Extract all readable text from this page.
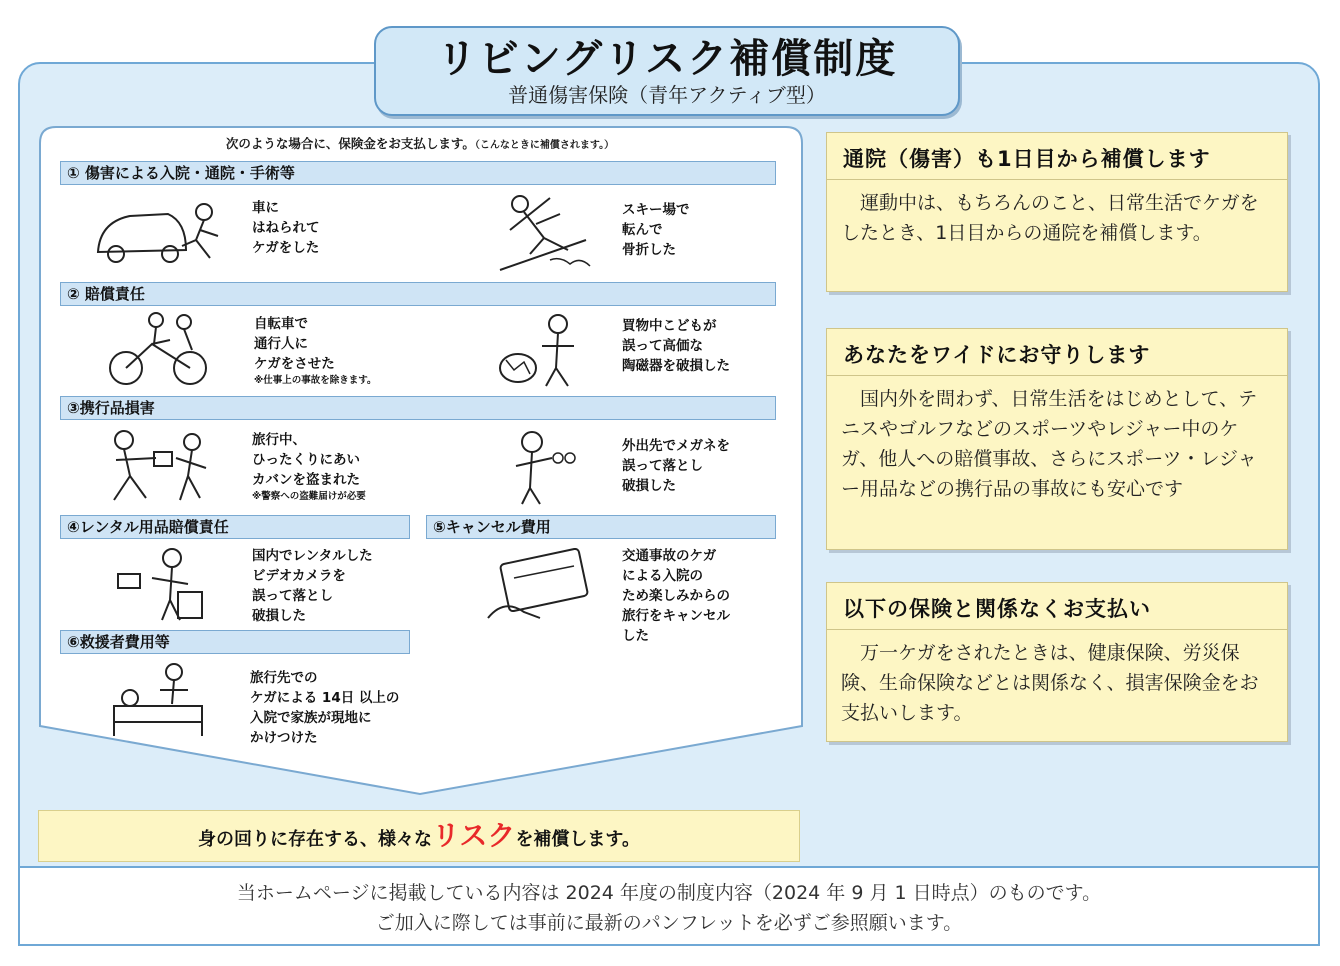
リビングリスク補償制度
普通傷害保険（青年アクティブ型）
次のような場合に、保険金をお支払します。（こんなときに補償されます。）
① 傷害による入院・通院・手術等
車に
はねられて
ケガをした
スキー場で
転んで
骨折した
② 賠償責任
自転車で
通行人に
ケガをさせた
※仕事上の事故を除きます。
買物中こどもが
誤って高価な
陶磁器を破損した
③携行品損害
旅行中、
ひったくりにあい
カバンを盗まれた
※警察への盗難届けが必要
外出先でメガネを
誤って落とし
破損した
④レンタル用品賠償責任
国内でレンタルした
ビデオカメラを
誤って落とし
破損した
⑤キャンセル費用
交通事故のケガ
による入院の
ため楽しみからの
旅行をキャンセル
した
⑥救援者費用等
旅行先での
ケガによる 14日 以上の
入院で家族が現地に
かけつけた
身の回りに存在する、様々なリスクを補償します。
通院（傷害）も1日目から補償します
運動中は、もちろんのこと、日常生活でケガをしたとき、1日目からの通院を補償します。
あなたをワイドにお守りします
国内外を問わず、日常生活をはじめとして、テニスやゴルフなどのスポーツやレジャー中のケガ、他人への賠償事故、さらにスポーツ・レジャー用品などの携行品の事故にも安心です
以下の保険と関係なくお支払い
万一ケガをされたときは、健康保険、労災保険、生命保険などとは関係なく、損害保険金をお支払いします。
当ホームページに掲載している内容は 2024 年度の制度内容（2024 年 9 月 1 日時点）のものです。
ご加入に際しては事前に最新のパンフレットを必ずご参照願います。
